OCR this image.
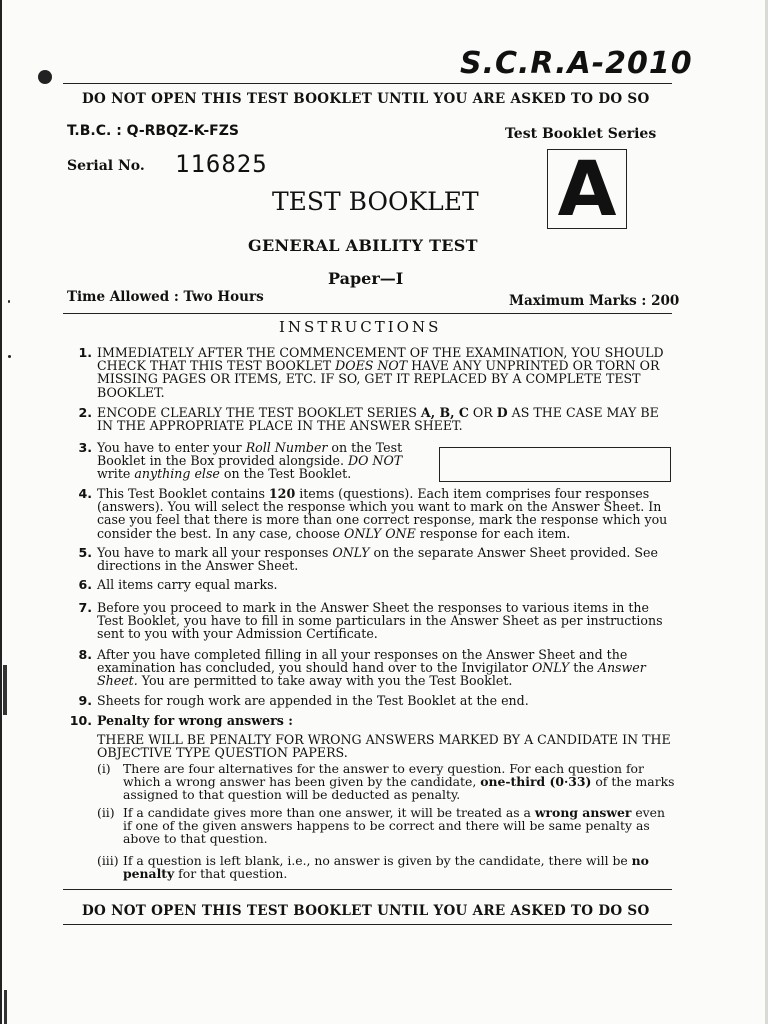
S.C.R.A-2010
DO NOT OPEN THIS TEST BOOKLET UNTIL YOU ARE ASKED TO DO SO
T.B.C. : Q-RBQZ-K-FZS	Test Booklet Series
Serial No. 116825	A
TEST BOOKLET
GENERAL ABILITY TEST
Paper—I
Time Allowed : Two Hours	Maximum Marks : 200
INSTRUCTIONS
1. IMMEDIATELY AFTER THE COMMENCEMENT OF THE EXAMINATION, YOU SHOULD CHECK THAT THIS TEST BOOKLET DOES NOT HAVE ANY UNPRINTED OR TORN OR MISSING PAGES OR ITEMS, ETC. IF SO, GET IT REPLACED BY A COMPLETE TEST BOOKLET.
2. ENCODE CLEARLY THE TEST BOOKLET SERIES A, B, C OR D AS THE CASE MAY BE IN THE APPROPRIATE PLACE IN THE ANSWER SHEET.
3. You have to enter your Roll Number on the Test Booklet in the Box provided alongside. DO NOT write anything else on the Test Booklet.
4. This Test Booklet contains 120 items (questions). Each item comprises four responses (answers). You will select the response which you want to mark on the Answer Sheet. In case you feel that there is more than one correct response, mark the response which you consider the best. In any case, choose ONLY ONE response for each item.
5. You have to mark all your responses ONLY on the separate Answer Sheet provided. See directions in the Answer Sheet.
6. All items carry equal marks.
7. Before you proceed to mark in the Answer Sheet the responses to various items in the Test Booklet, you have to fill in some particulars in the Answer Sheet as per instructions sent to you with your Admission Certificate.
8. After you have completed filling in all your responses on the Answer Sheet and the examination has concluded, you should hand over to the Invigilator ONLY the Answer Sheet. You are permitted to take away with you the Test Booklet.
9. Sheets for rough work are appended in the Test Booklet at the end.
10. Penalty for wrong answers :
THERE WILL BE PENALTY FOR WRONG ANSWERS MARKED BY A CANDIDATE IN THE OBJECTIVE TYPE QUESTION PAPERS.
(i) There are four alternatives for the answer to every question. For each question for which a wrong answer has been given by the candidate, one-third (0·33) of the marks assigned to that question will be deducted as penalty.
(ii) If a candidate gives more than one answer, it will be treated as a wrong answer even if one of the given answers happens to be correct and there will be same penalty as above to that question.
(iii) If a question is left blank, i.e., no answer is given by the candidate, there will be no penalty for that question.
DO NOT OPEN THIS TEST BOOKLET UNTIL YOU ARE ASKED TO DO SO
